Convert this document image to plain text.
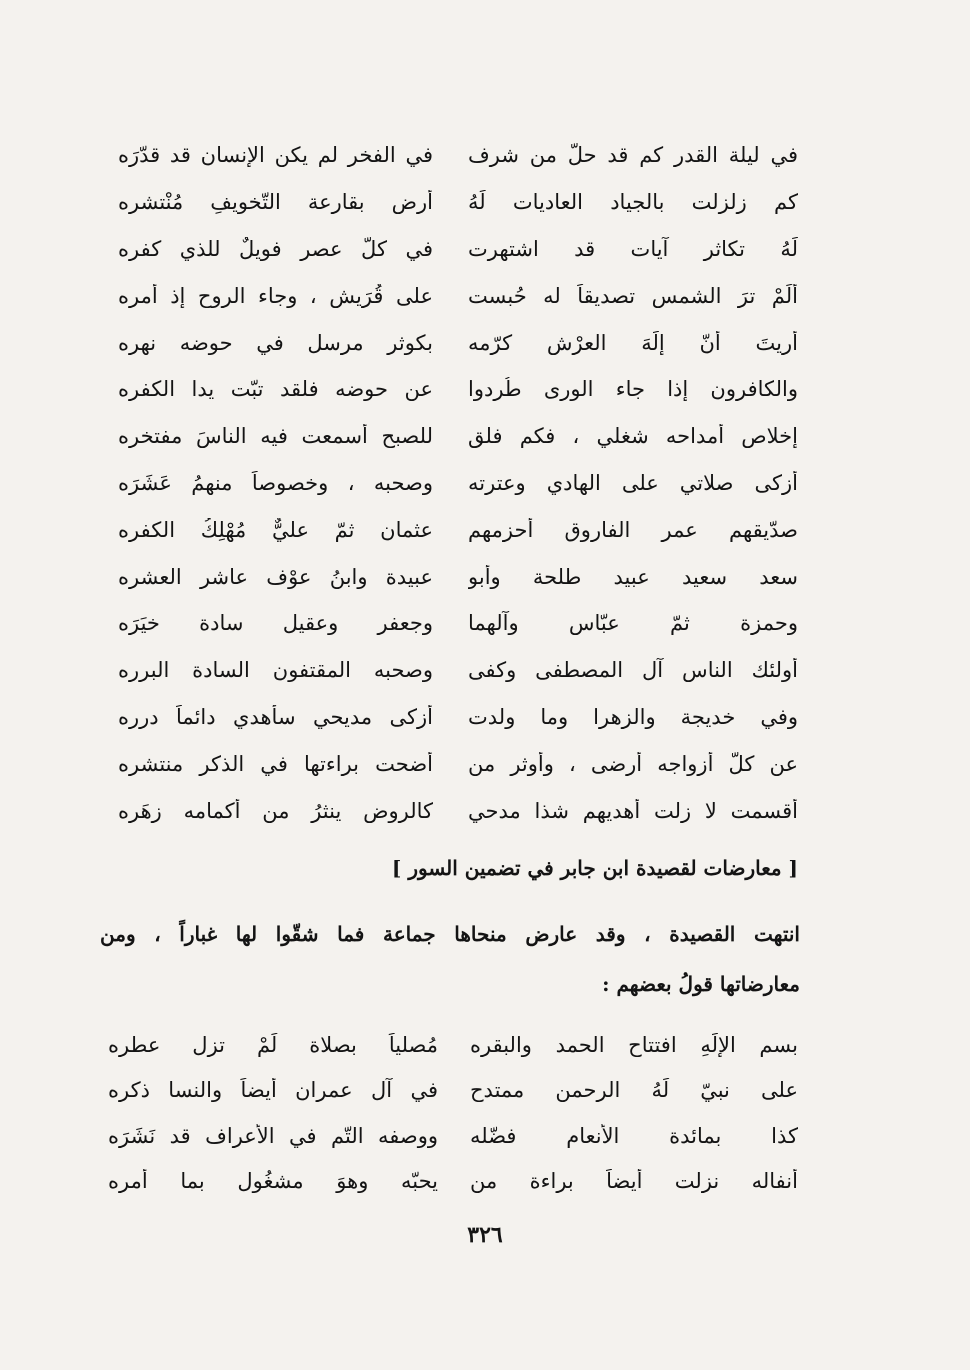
في ليلة القدر كم قد حلّ من شرف
في الفخر لم يكن الإنسان قد قدّرَه
كم زلزلت بالجياد العاديات لَهُ
أرض بقارعة التّخويفِ مُنْتشره
لَهُ تكاثر آيات قد اشتهرت
في كلّ عصر فويلٌ للذي كفره
ألَمْ ترَ الشمس تصديقاً له حُبست
على قُرَيش ، وجاء الروح إذ أمره
أريتَ أنّ إلَهَ العرْش كرّمه
بكوثر مرسل في حوضه نهره
والكافرون إذا جاء الورى طُردوا
عن حوضه فلقد تبّت يدا الكفره
إخلاص أمداحه شغلي ، فكم فلق
للصبح أسمعت فيه الناسَ مفتخره
أزكى صلاتي على الهادي وعترته
وصحبه ، وخصوصاً منهمُ عَشَرَه
صدّيقهم عمر الفاروق أحزمهم
عثمان ثمّ عليٌّ مُهْلِكُ الكفره
سعد سعيد عبيد طلحة وأبو
عبيدة وابنُ عوْف عاشر العشره
وحمزة ثمّ عبّاس وآلهما
وجعفر وعقيل سادة خيَرَه
أولئك الناس آل المصطفى وكفى
وصحبه المقتفون السادة البرره
وفي خديجة والزهرا وما ولدت
أزكى مديحي سأهدي دائماً درره
عن كلّ أزواجه أرضى ، وأوثر من
أضحت براءتها في الذكر منتشره
أقسمت لا زلت أهديهم شذا مدحي
كالروض ينثرُ من أكمامه زهَره
[ معارضات لقصيدة ابن جابر في تضمين السور ]
انتهت القصيدة ، وقد عارض منحاها جماعة فما شقّوا لها غباراً ، ومن
معارضاتها قولُ بعضهم :
بسمِ الإلَهِ افتتاح الحمد والبقره
مُصلياً بصلاة لَمْ تزل عطره
على نبيّ لَهُ الرحمن ممتدح
في آل عمران أيضاً والنسا ذكره
كذا بمائدة الأنعام فضّله
ووصفه التّم في الأعراف قد نَشَرَه
أنفاله نزلت أيضاً براءة من
يحبّه وهوَ مشغُول بما أمره
٣٢٦
